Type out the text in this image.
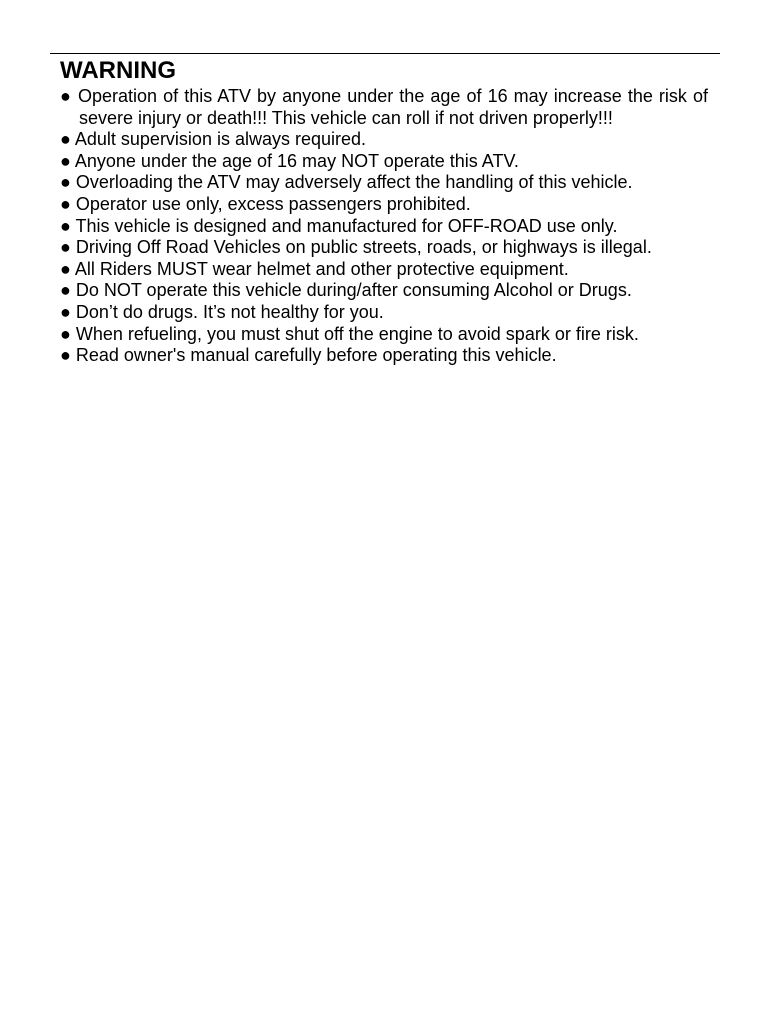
WARNING
● Operation of this ATV by anyone under the age of 16 may increase the risk of severe injury or death!!! This vehicle can roll if not driven properly!!!
● Adult supervision is always required.
● Anyone under the age of 16 may NOT operate this ATV.
● Overloading the ATV may adversely affect the handling of this vehicle.
● Operator use only, excess passengers prohibited.
● This vehicle is designed and manufactured for OFF-ROAD use only.
● Driving Off Road Vehicles on public streets, roads, or highways is illegal.
● All Riders MUST wear helmet and other protective equipment.
● Do NOT operate this vehicle during/after consuming Alcohol or Drugs.
● Don’t do drugs. It’s not healthy for you.
● When refueling, you must shut off the engine to avoid spark or fire risk.
● Read owner's manual carefully before operating this vehicle.
